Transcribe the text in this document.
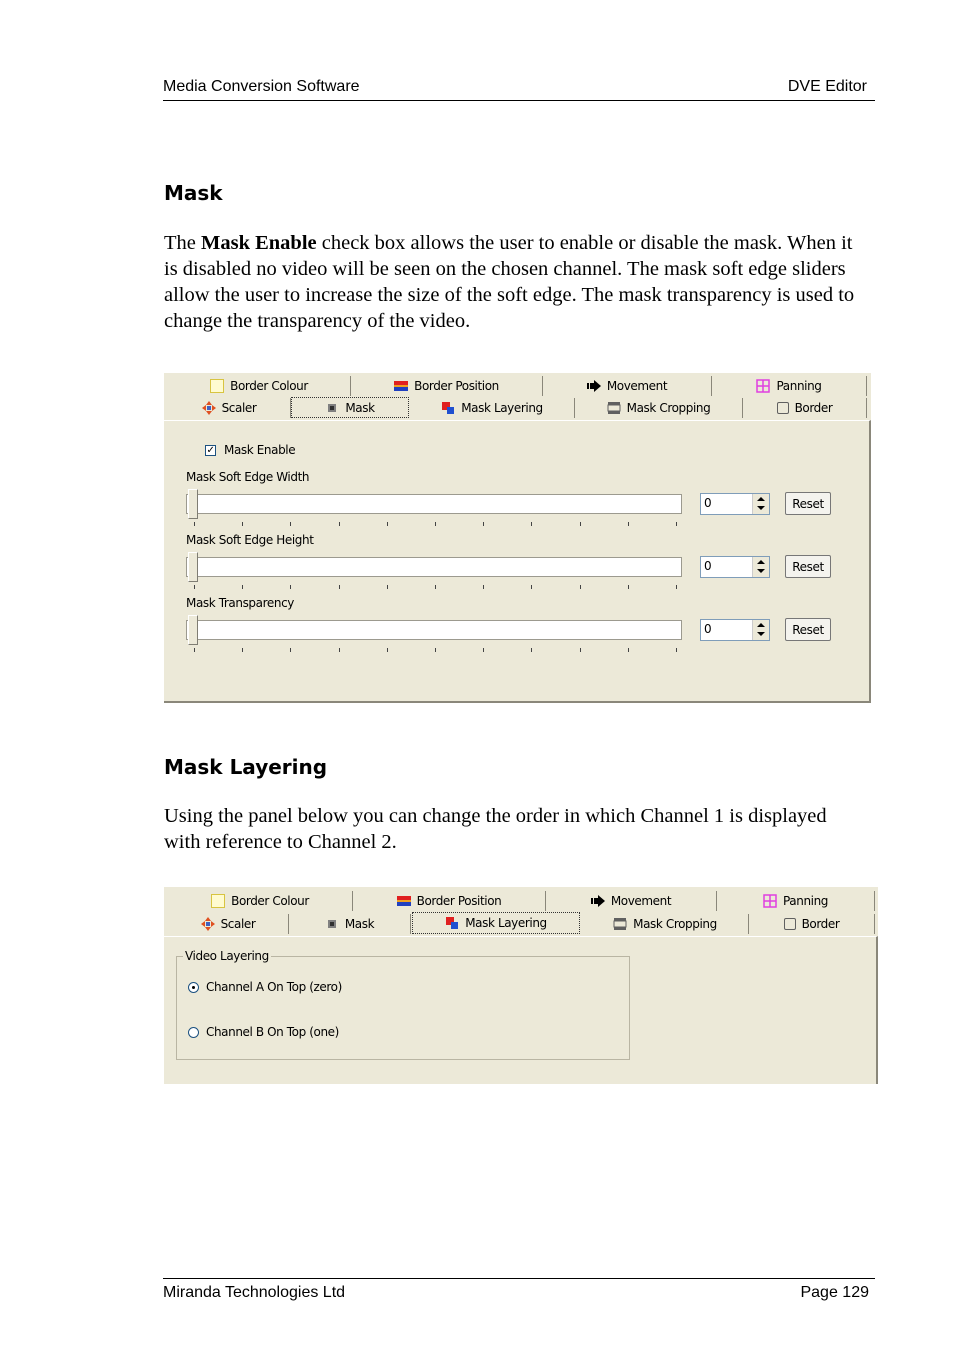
Media Conversion Software	DVE Editor
Mask

The Mask Enable check box allows the user to enable or disable the mask. When it is disabled no video will be seen on the chosen channel. The mask soft edge sliders allow the user to increase the size of the soft edge. The mask transparency is used to change the transparency of the video.

Border Colour	Border Position	Movement	Panning
Scaler	Mask	Mask Layering	Mask Cropping	Border
✓ Mask Enable
Mask Soft Edge Width
0	Reset
Mask Soft Edge Height
0	Reset
Mask Transparency
0	Reset
Mask Layering

Using the panel below you can change the order in which Channel 1 is displayed with reference to Channel 2.

Border Colour	Border Position	Movement	Panning
Scaler	Mask	Mask Layering	Mask Cropping	Border
Video Layering
Channel A On Top (zero)
Channel B On Top (one)
Miranda Technologies Ltd	Page 129
